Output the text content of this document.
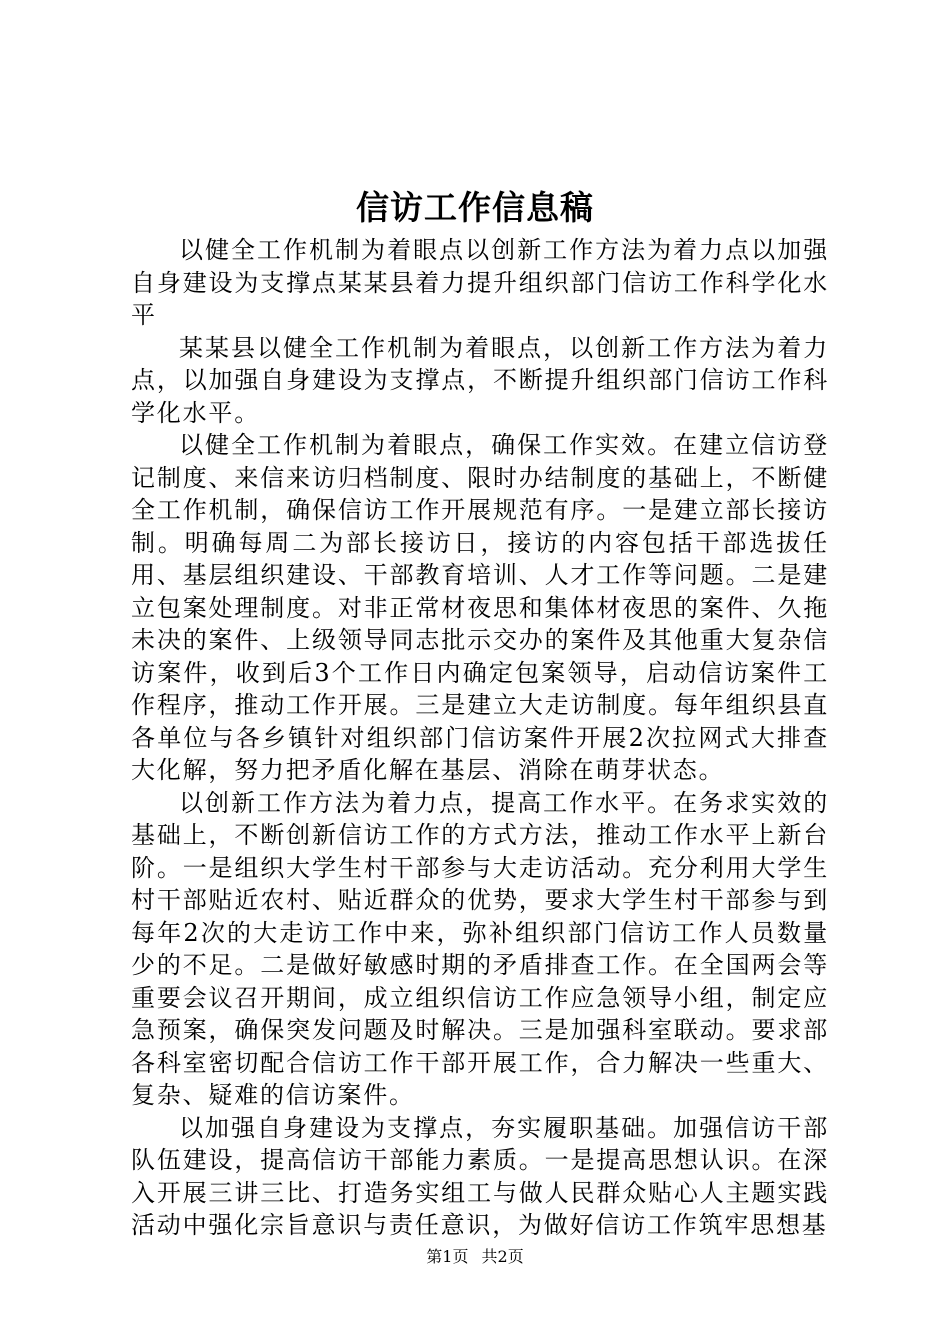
信访工作信息稿

以健全工作机制为着眼点以创新工作方法为着力点以加强自身建设为支撑点某某县着力提升组织部门信访工作科学化水平

某某县以健全工作机制为着眼点，以创新工作方法为着力点，以加强自身建设为支撑点，不断提升组织部门信访工作科学化水平。

以健全工作机制为着眼点，确保工作实效。在建立信访登记制度、来信来访归档制度、限时办结制度的基础上，不断健全工作机制，确保信访工作开展规范有序。一是建立部长接访制。明确每周二为部长接访日，接访的内容包括干部选拔任用、基层组织建设、干部教育培训、人才工作等问题。二是建立包案处理制度。对非正常材夜思和集体材夜思的案件、久拖未决的案件、上级领导同志批示交办的案件及其他重大复杂信访案件，收到后3个工作日内确定包案领导，启动信访案件工作程序，推动工作开展。三是建立大走访制度。每年组织县直各单位与各乡镇针对组织部门信访案件开展2次拉网式大排查大化解，努力把矛盾化解在基层、消除在萌芽状态。

以创新工作方法为着力点，提高工作水平。在务求实效的基础上，不断创新信访工作的方式方法，推动工作水平上新台阶。一是组织大学生村干部参与大走访活动。充分利用大学生村干部贴近农村、贴近群众的优势，要求大学生村干部参与到每年2次的大走访工作中来，弥补组织部门信访工作人员数量少的不足。二是做好敏感时期的矛盾排查工作。在全国两会等重要会议召开期间，成立组织信访工作应急领导小组，制定应急预案，确保突发问题及时解决。三是加强科室联动。要求部各科室密切配合信访工作干部开展工作，合力解决一些重大、复杂、疑难的信访案件。

以加强自身建设为支撑点，夯实履职基础。加强信访干部队伍建设，提高信访干部能力素质。一是提高思想认识。在深入开展三讲三比、打造务实组工与做人民群众贴心人主题实践活动中强化宗旨意识与责任意识，为做好信访工作筑牢思想基

第1页 共2页
